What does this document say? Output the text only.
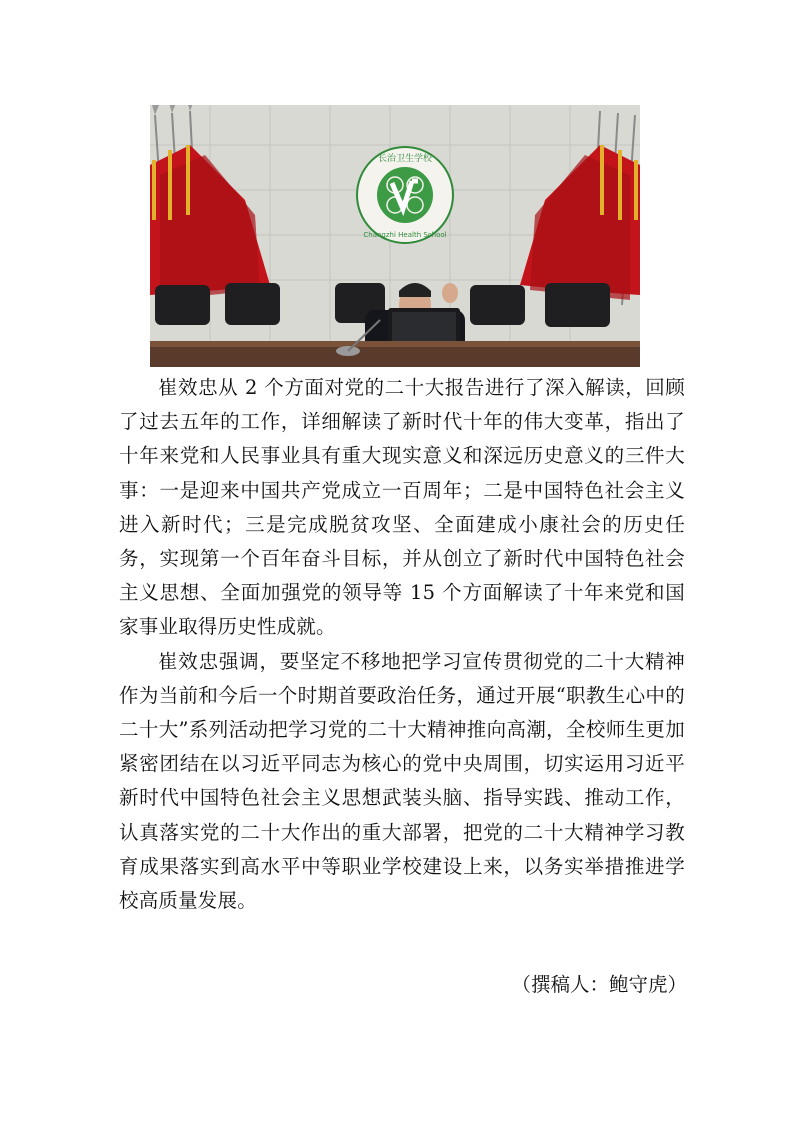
长治卫生学校
Changzhi Health School

崔效忠从 2 个方面对党的二十大报告进行了深入解读，回顾了过去五年的工作，详细解读了新时代十年的伟大变革，指出了十年来党和人民事业具有重大现实意义和深远历史意义的三件大事：一是迎来中国共产党成立一百周年；二是中国特色社会主义进入新时代；三是完成脱贫攻坚、全面建成小康社会的历史任务，实现第一个百年奋斗目标，并从创立了新时代中国特色社会主义思想、全面加强党的领导等 15 个方面解读了十年来党和国家事业取得历史性成就。

崔效忠强调，要坚定不移地把学习宣传贯彻党的二十大精神作为当前和今后一个时期首要政治任务，通过开展“职教生心中的二十大”系列活动把学习党的二十大精神推向高潮，全校师生更加紧密团结在以习近平同志为核心的党中央周围，切实运用习近平新时代中国特色社会主义思想武装头脑、指导实践、推动工作，认真落实党的二十大作出的重大部署，把党的二十大精神学习教育成果落实到高水平中等职业学校建设上来，以务实举措推进学校高质量发展。

（撰稿人：鲍守虎）
